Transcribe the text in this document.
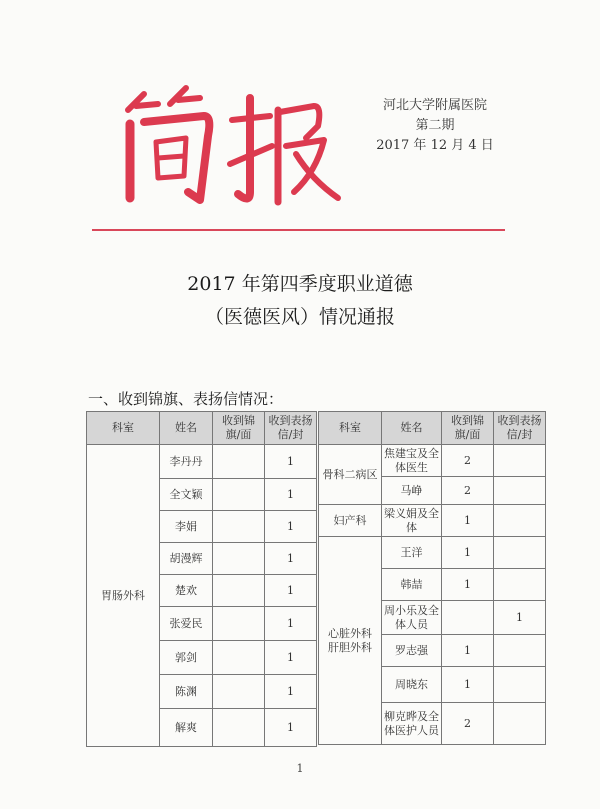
河北大学附属医院
第二期
2017 年 12 月 4 日
2017 年第四季度职业道德
（医德医风）情况通报
一、收到锦旗、表扬信情况：
科室	姓名	收到锦旗/面	收到表扬信/封
胃肠外科	李丹丹		1
	全文颖		1
	李娟		1
	胡漫辉		1
	楚欢		1
	张爱民		1
	郭剑		1
	陈渊		1
	解爽		1
科室	姓名	收到锦旗/面	收到表扬信/封
骨科二病区	焦建宝及全体医生	2	
	马峥	2	
妇产科	梁义娟及全体	1	
心脏外科 肝胆外科	王洋	1	
	韩喆	1	
	周小乐及全体人员		1
	罗志强	1	
	周晓东	1	
	柳克晔及全体医护人员	2	
1
